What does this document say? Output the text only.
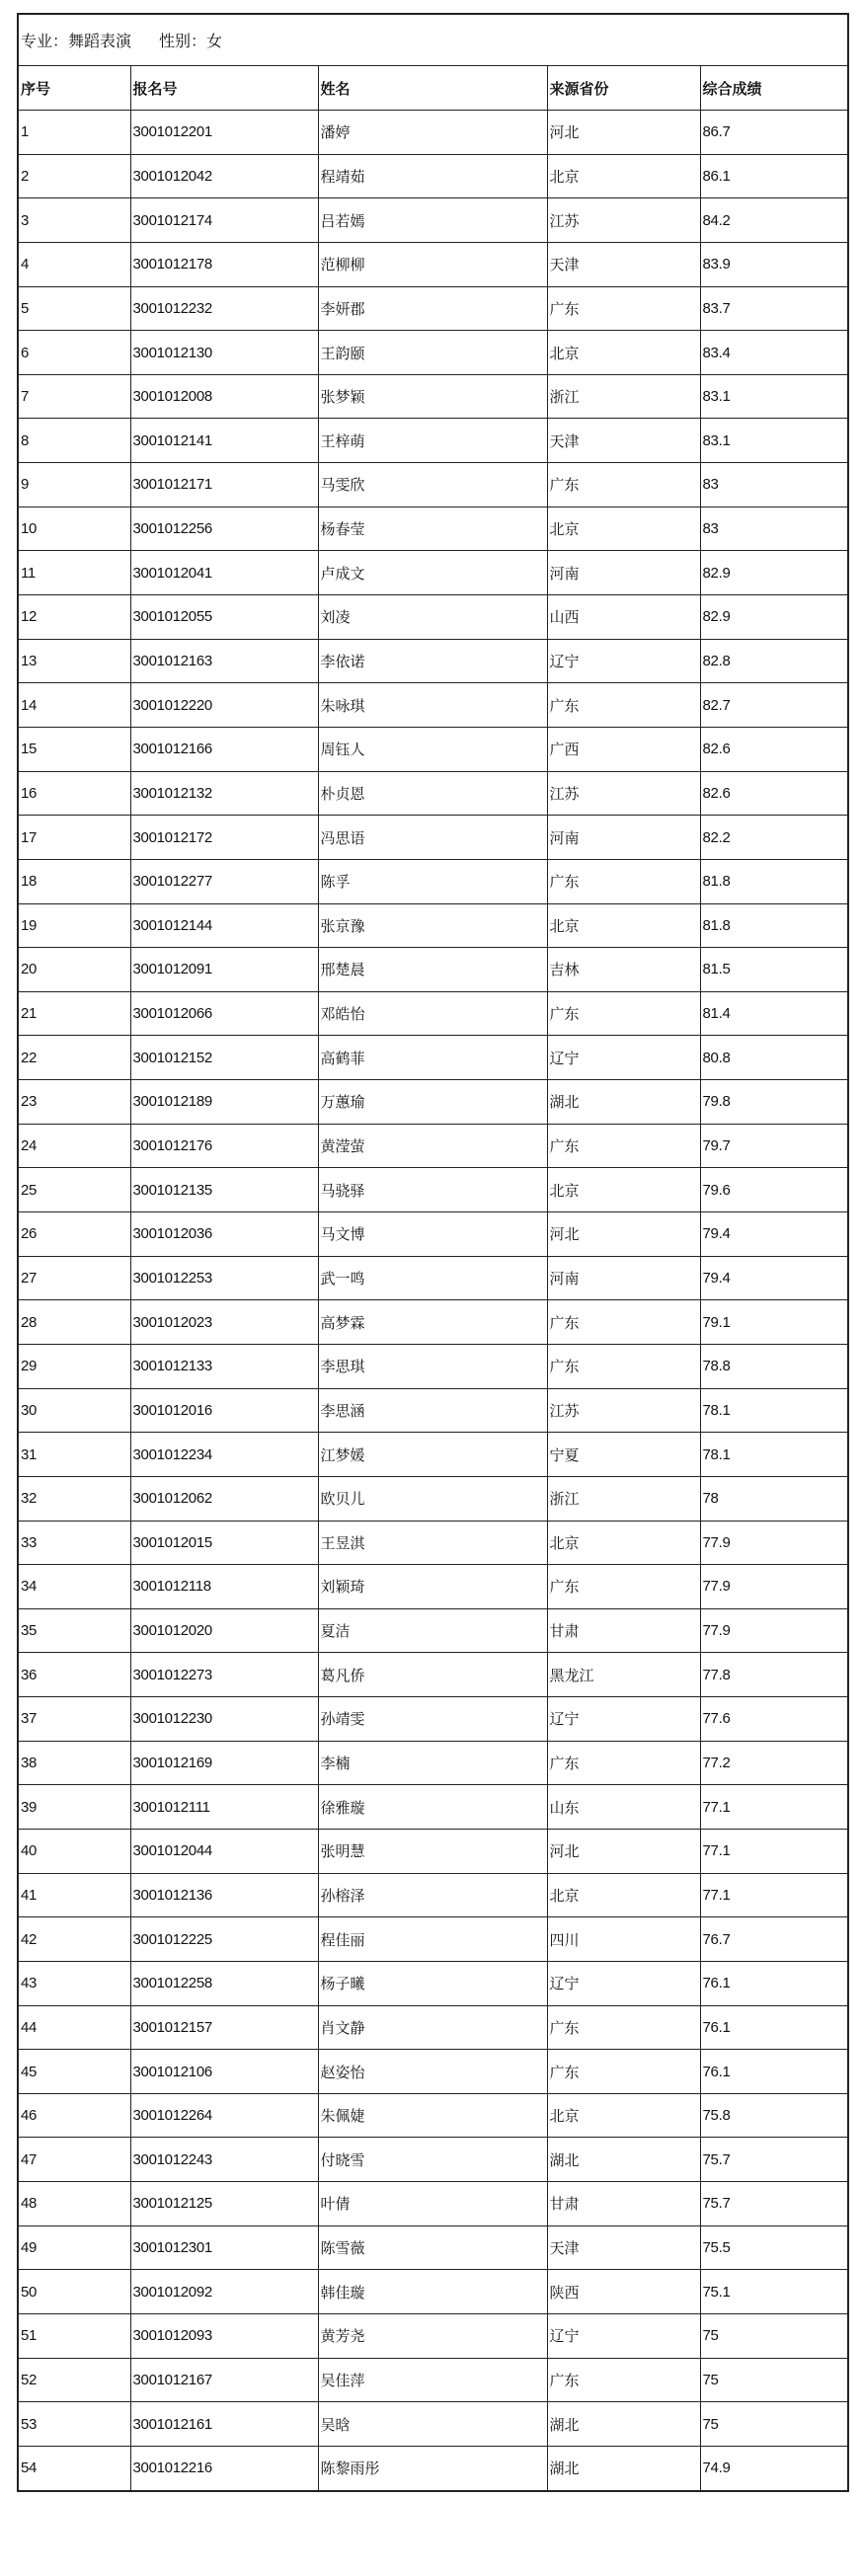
专业：舞蹈表演 性别：女				
序号	报名号	姓名	来源省份	综合成绩
1	3001012201	潘婷	河北	86.7
2	3001012042	程靖茹	北京	86.1
3	3001012174	吕若嫣	江苏	84.2
4	3001012178	范柳柳	天津	83.9
5	3001012232	李妍郡	广东	83.7
6	3001012130	王韵颐	北京	83.4
7	3001012008	张梦颖	浙江	83.1
8	3001012141	王梓萌	天津	83.1
9	3001012171	马雯欣	广东	83
10	3001012256	杨春莹	北京	83
11	3001012041	卢成文	河南	82.9
12	3001012055	刘凌	山西	82.9
13	3001012163	李依诺	辽宁	82.8
14	3001012220	朱咏琪	广东	82.7
15	3001012166	周钰人	广西	82.6
16	3001012132	朴贞恩	江苏	82.6
17	3001012172	冯思语	河南	82.2
18	3001012277	陈孚	广东	81.8
19	3001012144	张京豫	北京	81.8
20	3001012091	邢楚晨	吉林	81.5
21	3001012066	邓皓怡	广东	81.4
22	3001012152	高鹤菲	辽宁	80.8
23	3001012189	万蕙瑜	湖北	79.8
24	3001012176	黄滢萤	广东	79.7
25	3001012135	马骁驿	北京	79.6
26	3001012036	马文博	河北	79.4
27	3001012253	武一鸣	河南	79.4
28	3001012023	高梦霖	广东	79.1
29	3001012133	李思琪	广东	78.8
30	3001012016	李思涵	江苏	78.1
31	3001012234	江梦媛	宁夏	78.1
32	3001012062	欧贝儿	浙江	78
33	3001012015	王昱淇	北京	77.9
34	3001012118	刘颖琦	广东	77.9
35	3001012020	夏洁	甘肃	77.9
36	3001012273	葛凡侨	黑龙江	77.8
37	3001012230	孙靖雯	辽宁	77.6
38	3001012169	李楠	广东	77.2
39	3001012111	徐雅璇	山东	77.1
40	3001012044	张明慧	河北	77.1
41	3001012136	孙榕泽	北京	77.1
42	3001012225	程佳丽	四川	76.7
43	3001012258	杨子曦	辽宁	76.1
44	3001012157	肖文静	广东	76.1
45	3001012106	赵姿怡	广东	76.1
46	3001012264	朱佩婕	北京	75.8
47	3001012243	付晓雪	湖北	75.7
48	3001012125	叶倩	甘肃	75.7
49	3001012301	陈雪薇	天津	75.5
50	3001012092	韩佳璇	陕西	75.1
51	3001012093	黄芳尧	辽宁	75
52	3001012167	吴佳萍	广东	75
53	3001012161	吴晗	湖北	75
54	3001012216	陈黎雨彤	湖北	74.9
